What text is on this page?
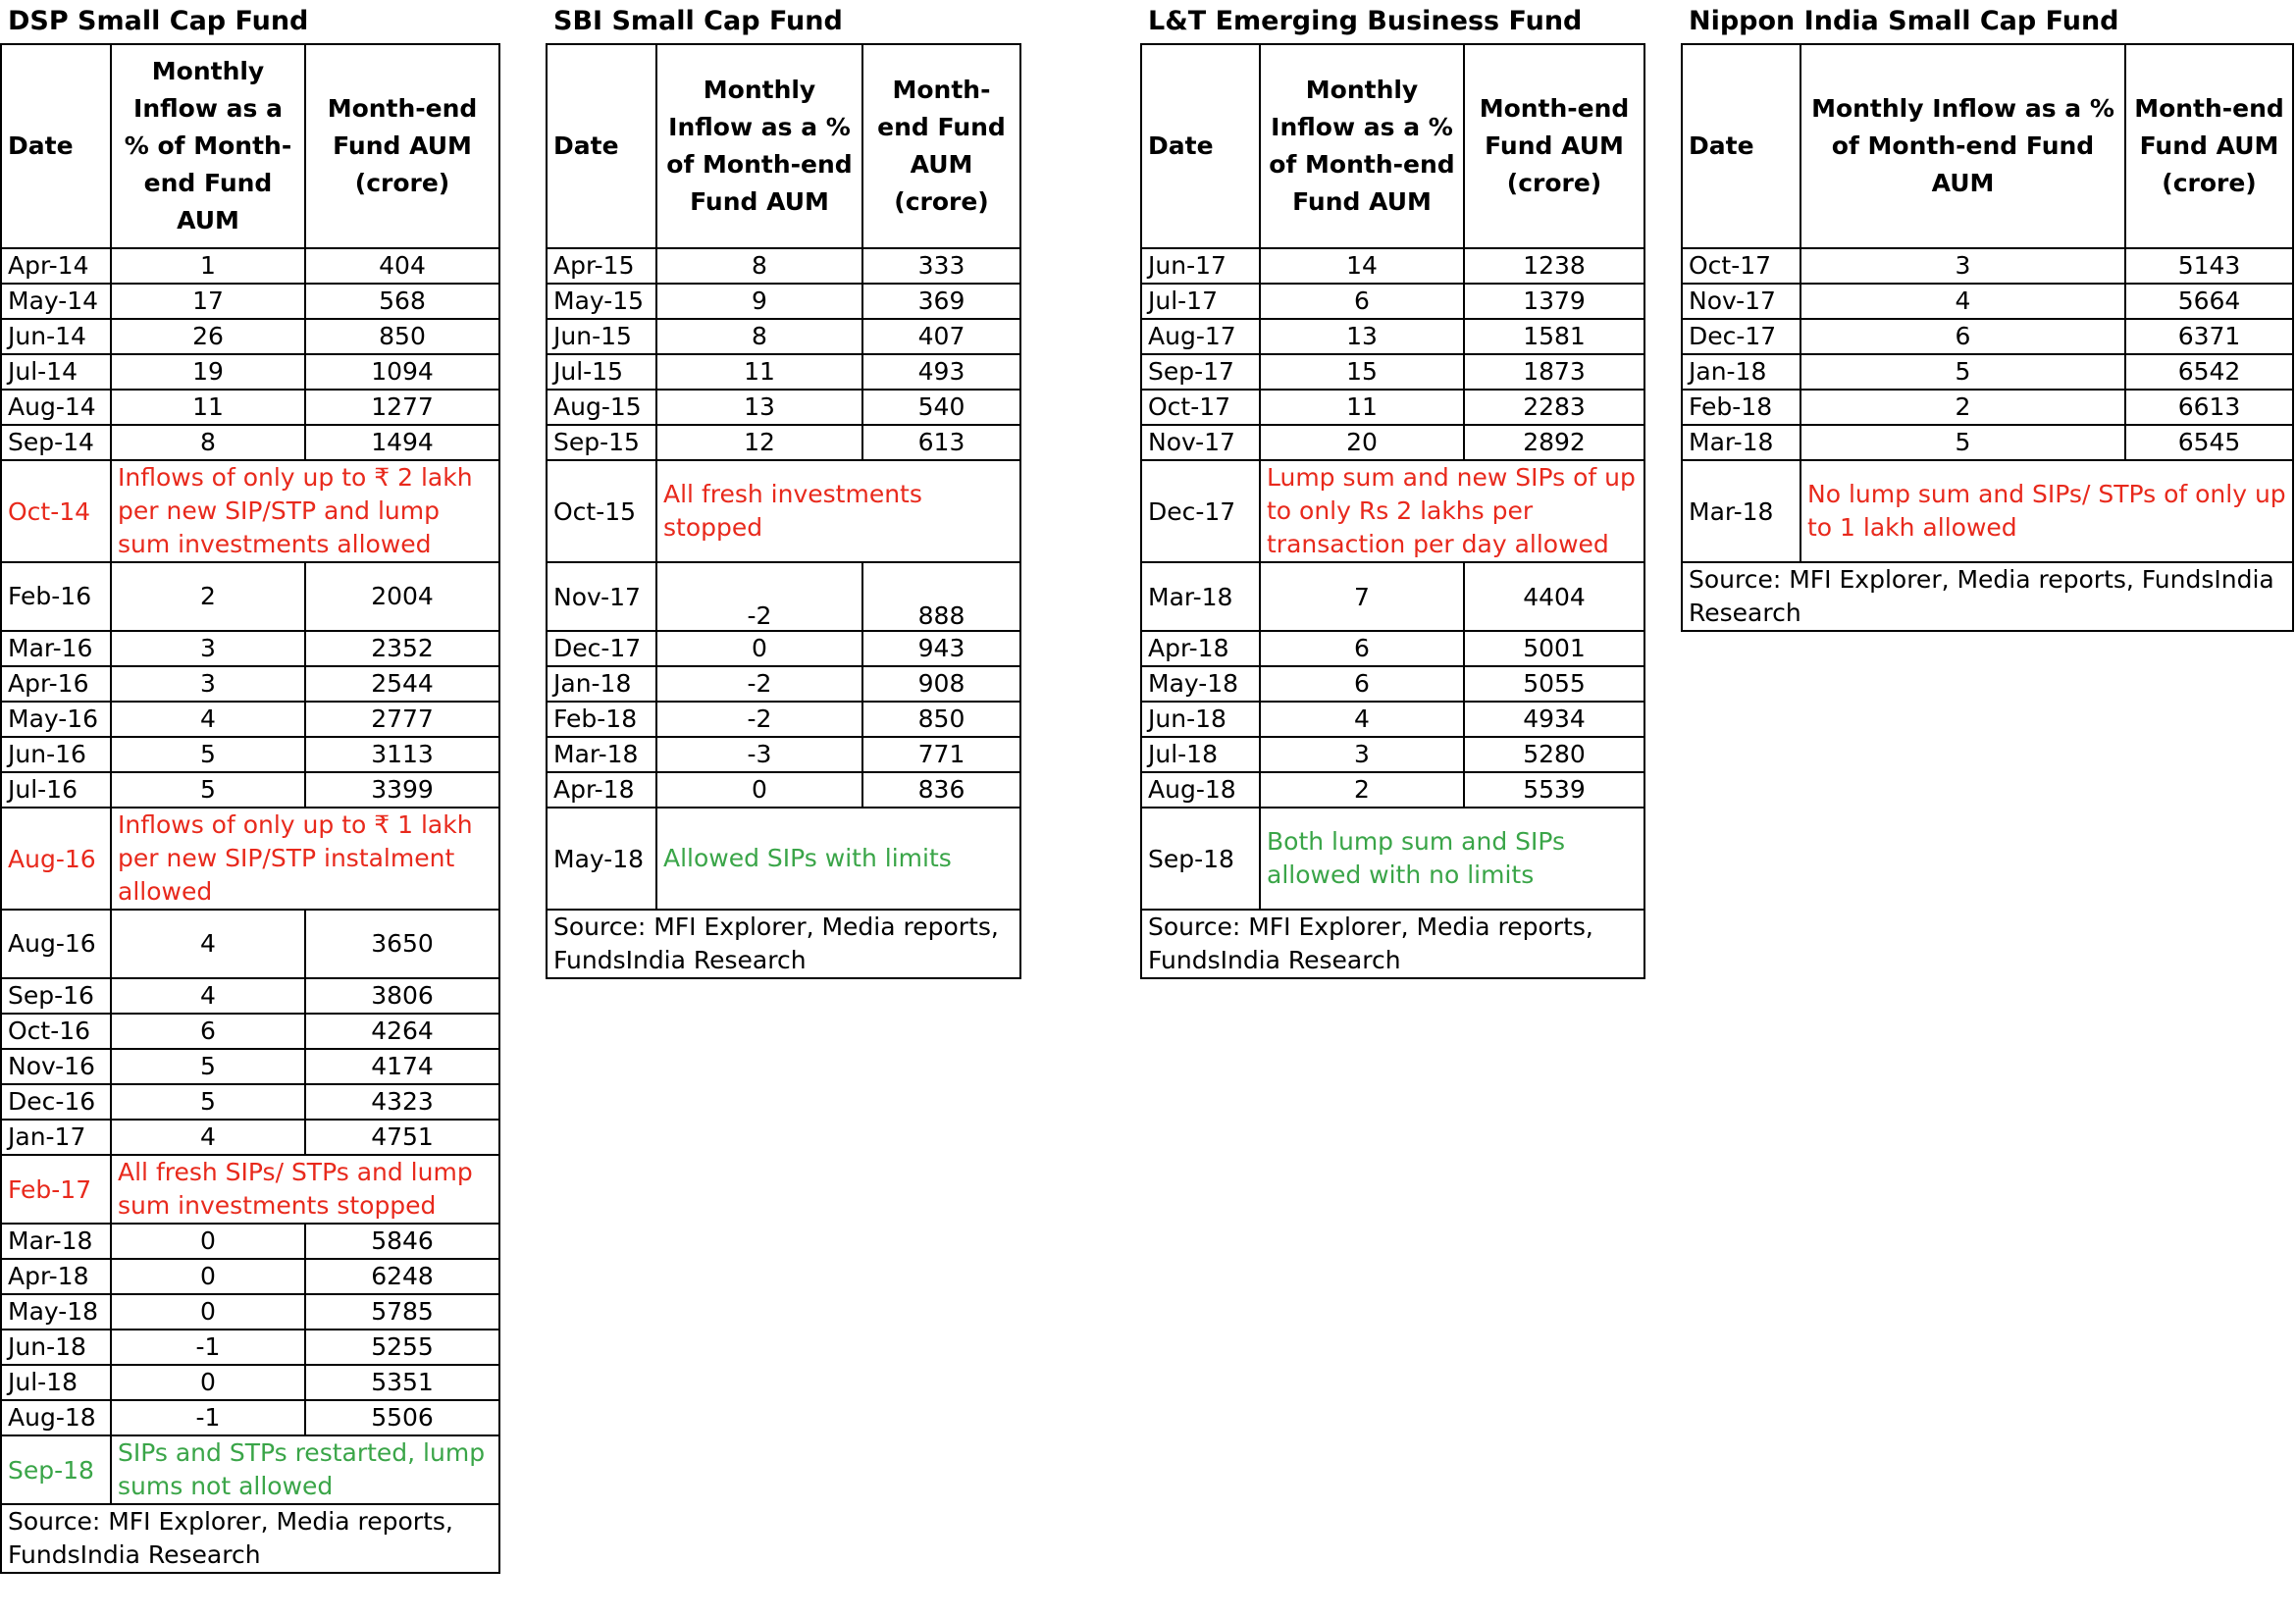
DSP Small Cap Fund
Date	Monthly Inflow as a % of Month-end Fund AUM	Month-end Fund AUM (crore)
Apr-14	1	404
May-14	17	568
Jun-14	26	850
Jul-14	19	1094
Aug-14	11	1277
Sep-14	8	1494
Oct-14	Inflows of only up to ₹ 2 lakh per new SIP/STP and lump sum investments allowed	
Feb-16	2	2004
Mar-16	3	2352
Apr-16	3	2544
May-16	4	2777
Jun-16	5	3113
Jul-16	5	3399
Aug-16	Inflows of only up to ₹ 1 lakh per new SIP/STP instalment allowed	
Aug-16	4	3650
Sep-16	4	3806
Oct-16	6	4264
Nov-16	5	4174
Dec-16	5	4323
Jan-17	4	4751
Feb-17	All fresh SIPs/ STPs and lump sum investments stopped	
Mar-18	0	5846
Apr-18	0	6248
May-18	0	5785
Jun-18	-1	5255
Jul-18	0	5351
Aug-18	-1	5506
Sep-18	SIPs and STPs restarted, lump sums not allowed	
Source: MFI Explorer, Media reports, FundsIndia Research		
SBI Small Cap Fund
Date	Monthly Inflow as a % of Month-end Fund AUM	Month-end Fund AUM (crore)
Apr-15	8	333
May-15	9	369
Jun-15	8	407
Jul-15	11	493
Aug-15	13	540
Sep-15	12	613
Oct-15	All fresh investments stopped	
Nov-17	-2	888
Dec-17	0	943
Jan-18	-2	908
Feb-18	-2	850
Mar-18	-3	771
Apr-18	0	836
May-18	Allowed SIPs with limits	
Source: MFI Explorer, Media reports, FundsIndia Research		
L&T Emerging Business Fund
Date	Monthly Inflow as a % of Month-end Fund AUM	Month-end Fund AUM (crore)
Jun-17	14	1238
Jul-17	6	1379
Aug-17	13	1581
Sep-17	15	1873
Oct-17	11	2283
Nov-17	20	2892
Dec-17	Lump sum and new SIPs of up to only Rs 2 lakhs per transaction per day allowed	
Mar-18	7	4404
Apr-18	6	5001
May-18	6	5055
Jun-18	4	4934
Jul-18	3	5280
Aug-18	2	5539
Sep-18	Both lump sum and SIPs allowed with no limits	
Source: MFI Explorer, Media reports, FundsIndia Research		
Nippon India Small Cap Fund
Date	Monthly Inflow as a % of Month-end Fund AUM	Month-end Fund AUM (crore)
Oct-17	3	5143
Nov-17	4	5664
Dec-17	6	6371
Jan-18	5	6542
Feb-18	2	6613
Mar-18	5	6545
Mar-18	No lump sum and SIPs/ STPs of only up to 1 lakh allowed	
Source: MFI Explorer, Media reports, FundsIndia Research		
